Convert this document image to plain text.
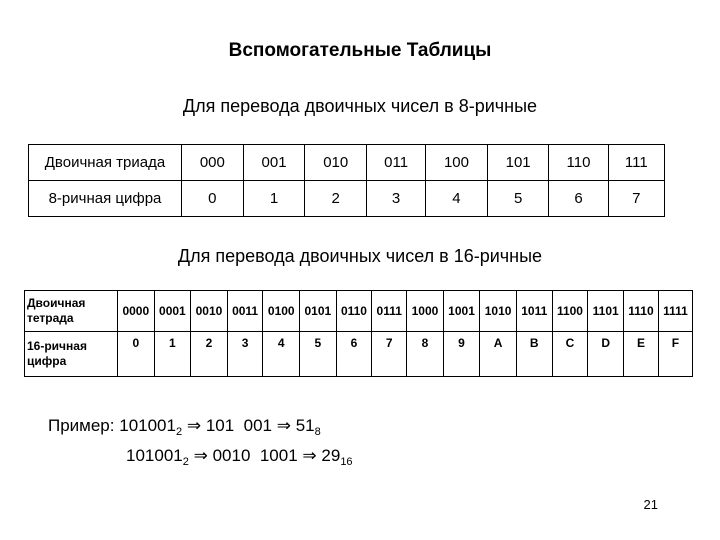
Вспомогательные Таблицы

Для перевода двоичных чисел в 8-ричные

Двоичная триада	000	001	010	011	100	101	110	111
8-ричная цифра	0	1	2	3	4	5	6	7

Для перевода двоичных чисел в 16-ричные

Двоичная
тетрада	0000	0001	0010	0011	0100	0101	0110	0111	1000	1001	1010	1011	1100	1101	1110	1111
16-ричная
цифра	0	1	2	3	4	5	6	7	8	9	A	B	C	D	E	F
Пример: $101001_2$ ⇒ 101  001 ⇒ $51_8$
$101001_2$ ⇒ 0010  1001 ⇒ $29_{16}$
21
